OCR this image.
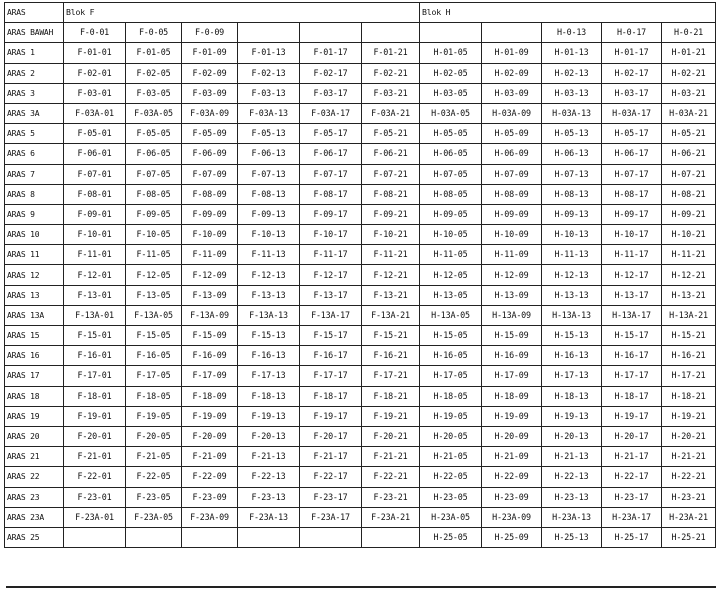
ARAS	Blok F						Blok H				
ARAS BAWAH	F-0-01	F-0-05	F-0-09						H-0-13	H-0-17	H-0-21
ARAS 1	F-01-01	F-01-05	F-01-09	F-01-13	F-01-17	F-01-21	H-01-05	H-01-09	H-01-13	H-01-17	H-01-21
ARAS 2	F-02-01	F-02-05	F-02-09	F-02-13	F-02-17	F-02-21	H-02-05	H-02-09	H-02-13	H-02-17	H-02-21
ARAS 3	F-03-01	F-03-05	F-03-09	F-03-13	F-03-17	F-03-21	H-03-05	H-03-09	H-03-13	H-03-17	H-03-21
ARAS 3A	F-03A-01	F-03A-05	F-03A-09	F-03A-13	F-03A-17	F-03A-21	H-03A-05	H-03A-09	H-03A-13	H-03A-17	H-03A-21
ARAS 5	F-05-01	F-05-05	F-05-09	F-05-13	F-05-17	F-05-21	H-05-05	H-05-09	H-05-13	H-05-17	H-05-21
ARAS 6	F-06-01	F-06-05	F-06-09	F-06-13	F-06-17	F-06-21	H-06-05	H-06-09	H-06-13	H-06-17	H-06-21
ARAS 7	F-07-01	F-07-05	F-07-09	F-07-13	F-07-17	F-07-21	H-07-05	H-07-09	H-07-13	H-07-17	H-07-21
ARAS 8	F-08-01	F-08-05	F-08-09	F-08-13	F-08-17	F-08-21	H-08-05	H-08-09	H-08-13	H-08-17	H-08-21
ARAS 9	F-09-01	F-09-05	F-09-09	F-09-13	F-09-17	F-09-21	H-09-05	H-09-09	H-09-13	H-09-17	H-09-21
ARAS 10	F-10-01	F-10-05	F-10-09	F-10-13	F-10-17	F-10-21	H-10-05	H-10-09	H-10-13	H-10-17	H-10-21
ARAS 11	F-11-01	F-11-05	F-11-09	F-11-13	F-11-17	F-11-21	H-11-05	H-11-09	H-11-13	H-11-17	H-11-21
ARAS 12	F-12-01	F-12-05	F-12-09	F-12-13	F-12-17	F-12-21	H-12-05	H-12-09	H-12-13	H-12-17	H-12-21
ARAS 13	F-13-01	F-13-05	F-13-09	F-13-13	F-13-17	F-13-21	H-13-05	H-13-09	H-13-13	H-13-17	H-13-21
ARAS 13A	F-13A-01	F-13A-05	F-13A-09	F-13A-13	F-13A-17	F-13A-21	H-13A-05	H-13A-09	H-13A-13	H-13A-17	H-13A-21
ARAS 15	F-15-01	F-15-05	F-15-09	F-15-13	F-15-17	F-15-21	H-15-05	H-15-09	H-15-13	H-15-17	H-15-21
ARAS 16	F-16-01	F-16-05	F-16-09	F-16-13	F-16-17	F-16-21	H-16-05	H-16-09	H-16-13	H-16-17	H-16-21
ARAS 17	F-17-01	F-17-05	F-17-09	F-17-13	F-17-17	F-17-21	H-17-05	H-17-09	H-17-13	H-17-17	H-17-21
ARAS 18	F-18-01	F-18-05	F-18-09	F-18-13	F-18-17	F-18-21	H-18-05	H-18-09	H-18-13	H-18-17	H-18-21
ARAS 19	F-19-01	F-19-05	F-19-09	F-19-13	F-19-17	F-19-21	H-19-05	H-19-09	H-19-13	H-19-17	H-19-21
ARAS 20	F-20-01	F-20-05	F-20-09	F-20-13	F-20-17	F-20-21	H-20-05	H-20-09	H-20-13	H-20-17	H-20-21
ARAS 21	F-21-01	F-21-05	F-21-09	F-21-13	F-21-17	F-21-21	H-21-05	H-21-09	H-21-13	H-21-17	H-21-21
ARAS 22	F-22-01	F-22-05	F-22-09	F-22-13	F-22-17	F-22-21	H-22-05	H-22-09	H-22-13	H-22-17	H-22-21
ARAS 23	F-23-01	F-23-05	F-23-09	F-23-13	F-23-17	F-23-21	H-23-05	H-23-09	H-23-13	H-23-17	H-23-21
ARAS 23A	F-23A-01	F-23A-05	F-23A-09	F-23A-13	F-23A-17	F-23A-21	H-23A-05	H-23A-09	H-23A-13	H-23A-17	H-23A-21
ARAS 25							H-25-05	H-25-09	H-25-13	H-25-17	H-25-21
